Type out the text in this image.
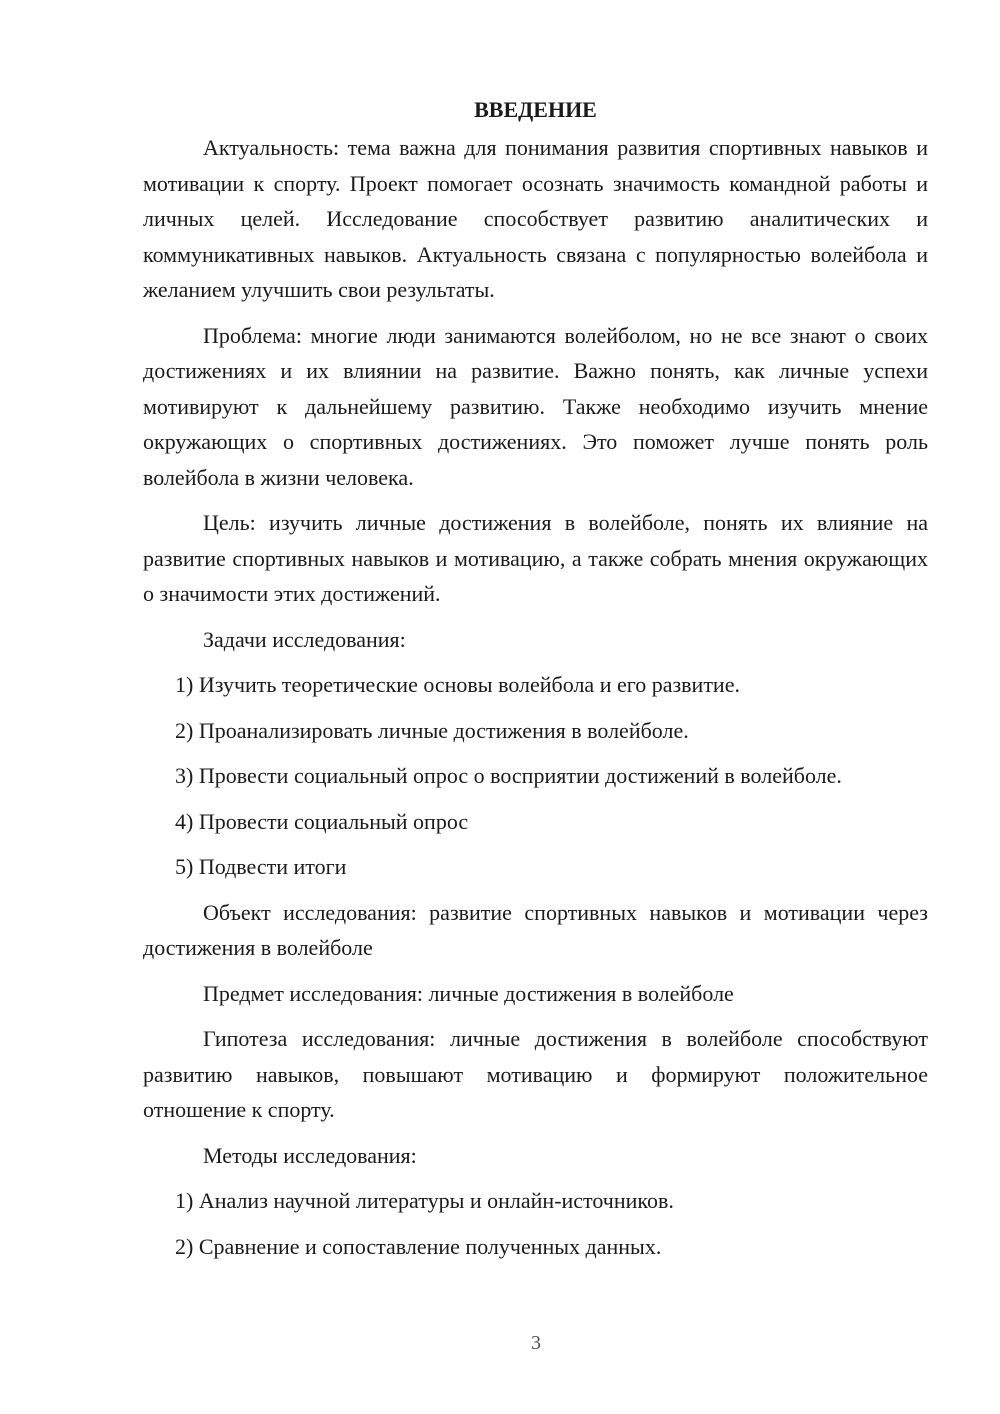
ВВЕДЕНИЕ

Актуальность: тема важна для понимания развития спортивных навыков и мотивации к спорту. Проект помогает осознать значимость командной работы и личных целей. Исследование способствует развитию аналитических и коммуникативных навыков. Актуальность связана с популярностью волейбола и желанием улучшить свои результаты.

Проблема: многие люди занимаются волейболом, но не все знают о своих достижениях и их влиянии на развитие. Важно понять, как личные успехи мотивируют к дальнейшему развитию. Также необходимо изучить мнение окружающих о спортивных достижениях. Это поможет лучше понять роль волейбола в жизни человека.

Цель: изучить личные достижения в волейболе, понять их влияние на развитие спортивных навыков и мотивацию, а также собрать мнения окружающих о значимости этих достижений.

Задачи исследования:

1) Изучить теоретические основы волейбола и его развитие.
2) Проанализировать личные достижения в волейболе.
3) Провести социальный опрос о восприятии достижений в волейболе.
4) Провести социальный опрос
5) Подвести итоги

Объект исследования: развитие спортивных навыков и мотивации через достижения в волейболе

Предмет исследования: личные достижения в волейболе

Гипотеза исследования: личные достижения в волейболе способствуют развитию навыков, повышают мотивацию и формируют положительное отношение к спорту.

Методы исследования:

1) Анализ научной литературы и онлайн-источников.
2) Сравнение и сопоставление полученных данных.
3
